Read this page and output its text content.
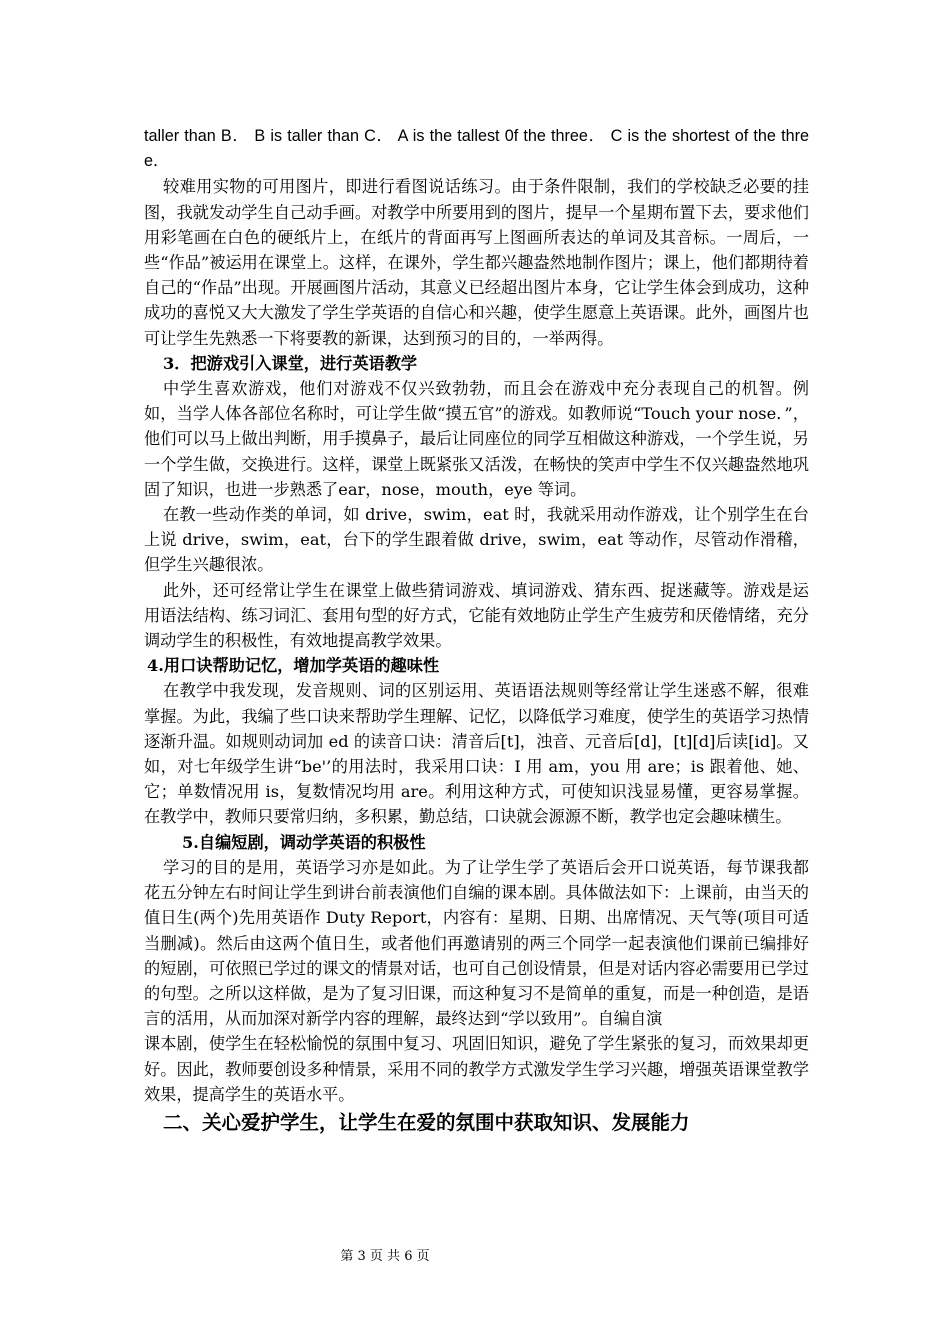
taller than B． B is taller than C． A is the tallest 0f the three． C is the shortest of the three．

较难用实物的可用图片，即进行看图说话练习。由于条件限制，我们的学校缺乏必要的挂图，我就发动学生自己动手画。对教学中所要用到的图片，提早一个星期布置下去，要求他们用彩笔画在白色的硬纸片上，在纸片的背面再写上图画所表达的单词及其音标。一周后，一些“作品”被运用在课堂上。这样，在课外，学生都兴趣盎然地制作图片；课上，他们都期待着自己的“作品”出现。开展画图片活动，其意义已经超出图片本身，它让学生体会到成功，这种成功的喜悦又大大激发了学生学英语的自信心和兴趣，使学生愿意上英语课。此外，画图片也可让学生先熟悉一下将要教的新课，达到预习的目的，一举两得。

3．把游戏引入课堂，进行英语教学

中学生喜欢游戏，他们对游戏不仅兴致勃勃，而且会在游戏中充分表现自己的机智。例如，当学人体各部位名称时，可让学生做“摸五官”的游戏。如教师说“Touch your nose．”，他们可以马上做出判断，用手摸鼻子，最后让同座位的同学互相做这种游戏，一个学生说，另一个学生做，交换进行。这样，课堂上既紧张又活泼，在畅快的笑声中学生不仅兴趣盎然地巩固了知识，也进一步熟悉了ear，nose，mouth，eye 等词。

在教一些动作类的单词，如 drive，swim，eat 时，我就采用动作游戏，让个别学生在台上说 drive，swim，eat，台下的学生跟着做 drive，swim，eat 等动作，尽管动作滑稽，但学生兴趣很浓。

此外，还可经常让学生在课堂上做些猜词游戏、填词游戏、猜东西、捉迷藏等。游戏是运用语法结构、练习词汇、套用句型的好方式，它能有效地防止学生产生疲劳和厌倦情绪，充分调动学生的积极性，有效地提高教学效果。

4.用口诀帮助记忆，增加学英语的趣味性

在教学中我发现，发音规则、词的区别运用、英语语法规则等经常让学生迷惑不解，很难掌握。为此，我编了些口诀来帮助学生理解、记忆，以降低学习难度，使学生的英语学习热情逐渐升温。如规则动词加 ed 的读音口诀：清音后[t]，浊音、元音后[d]，[t][d]后读[id]。又如，对七年级学生讲“be'’的用法时，我采用口诀：I 用 am，you 用 are；is 跟着他、她、它；单数情况用 is，复数情况均用 are。利用这种方式，可使知识浅显易懂，更容易掌握。在教学中，教师只要常归纳，多积累，勤总结，口诀就会源源不断，教学也定会趣味横生。

5.自编短剧，调动学英语的积极性

学习的目的是用，英语学习亦是如此。为了让学生学了英语后会开口说英语，每节课我都花五分钟左右时间让学生到讲台前表演他们自编的课本剧。具体做法如下：上课前，由当天的值日生(两个)先用英语作 Duty Report，内容有：星期、日期、出席情况、天气等(项目可适当删减)。然后由这两个值日生，或者他们再邀请别的两三个同学一起表演他们课前已编排好的短剧，可依照已学过的课文的情景对话，也可自己创设情景，但是对话内容必需要用已学过的句型。之所以这样做，是为了复习旧课，而这种复习不是简单的重复，而是一种创造，是语言的活用，从而加深对新学内容的理解，最终达到“学以致用”。自编自演

课本剧，使学生在轻松愉悦的氛围中复习、巩固旧知识，避免了学生紧张的复习，而效果却更好。因此，教师要创设多种情景，采用不同的教学方式激发学生学习兴趣，增强英语课堂教学效果，提高学生的英语水平。

二、关心爱护学生，让学生在爱的氛围中获取知识、发展能力

第 3 页 共 6 页
